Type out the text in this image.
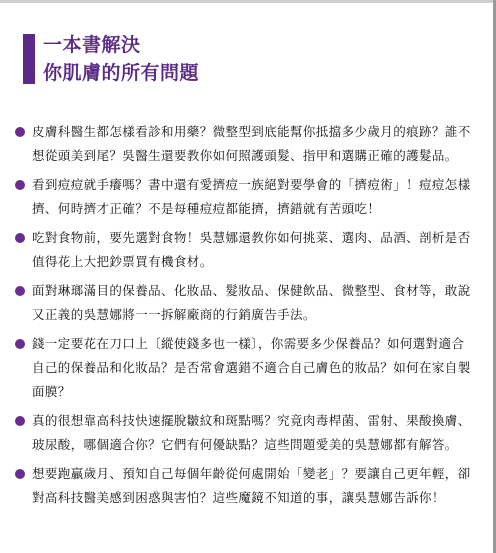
一本書解決
你肌膚的所有問題
皮膚科醫生都怎樣看診和用藥？微整型到底能幫你抵擋多少歲月的痕跡？誰不想從頭美到尾？吳醫生還要教你如何照護頭髮、指甲和選購正確的護髮品。
看到痘痘就手癢嗎？書中還有愛擠痘一族絕對要學會的「擠痘術」！痘痘怎樣擠、何時擠才正確？不是每種痘痘都能擠，擠錯就有苦頭吃！
吃對食物前，要先選對食物！吳慧娜還教你如何挑菜、選肉、品酒、剖析是否值得花上大把鈔票買有機食材。
面對琳瑯滿目的保養品、化妝品、髮妝品、保健飲品、微整型、食材等，敢說又正義的吳慧娜將一一拆解廠商的行銷廣告手法。
錢一定要花在刀口上〔縱使錢多也一樣〕，你需要多少保養品？如何選對適合自己的保養品和化妝品？是否常會選錯不適合自己膚色的妝品？如何在家自製面膜？
真的很想靠高科技快速擺脫皺紋和斑點嗎？究竟肉毒桿菌、雷射、果酸換膚、玻尿酸，哪個適合你？它們有何優缺點？這些問題愛美的吳慧娜都有解答。
想要跑贏歲月、預知自己每個年齡從何處開始「變老」？要讓自己更年輕，卻對高科技醫美感到困惑與害怕？這些魔鏡不知道的事，讓吳慧娜告訴你！
